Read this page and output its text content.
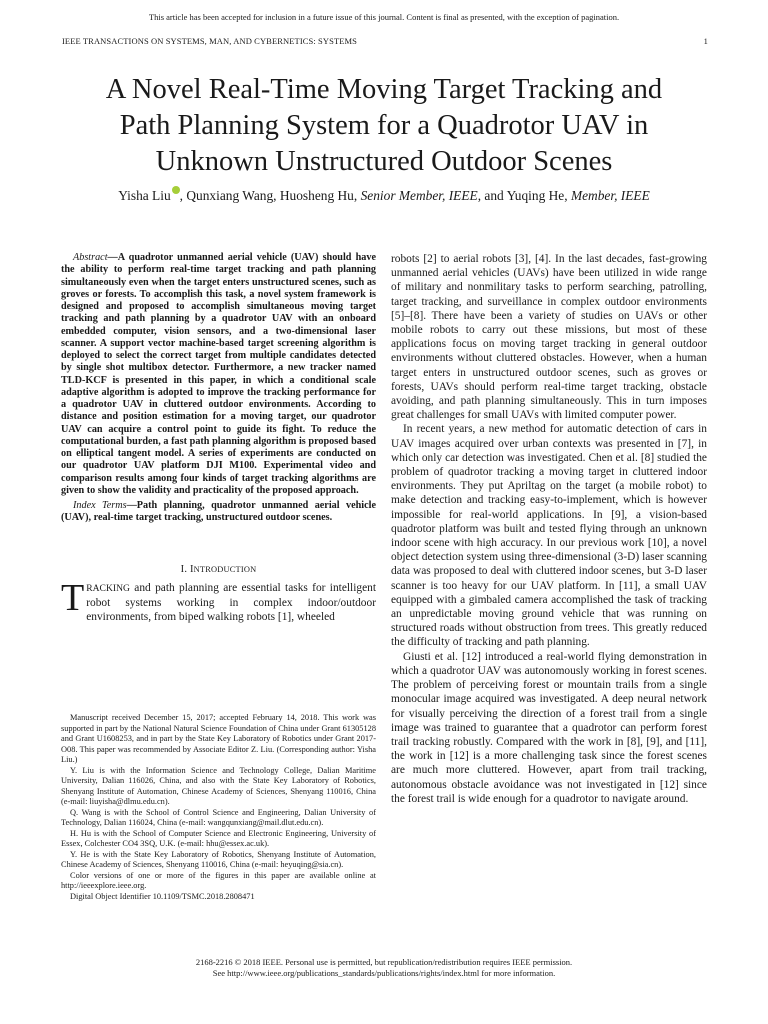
This article has been accepted for inclusion in a future issue of this journal. Content is final as presented, with the exception of pagination.
IEEE TRANSACTIONS ON SYSTEMS, MAN, AND CYBERNETICS: SYSTEMS	1
A Novel Real-Time Moving Target Tracking and
Path Planning System for a Quadrotor UAV in
Unknown Unstructured Outdoor Scenes
Yisha Liu , Qunxiang Wang, Huosheng Hu, Senior Member, IEEE, and Yuqing He, Member, IEEE

Abstract—A quadrotor unmanned aerial vehicle (UAV) should have the ability to perform real-time target tracking and path planning simultaneously even when the target enters unstructured scenes, such as groves or forests. To accomplish this task, a novel system framework is designed and proposed to accomplish simultaneous moving target tracking and path planning by a quadrotor UAV with an onboard embedded computer, vision sensors, and a two-dimensional laser scanner. A support vector machine-based target screening algorithm is deployed to select the correct target from multiple candidates detected by single shot multibox detector. Furthermore, a new tracker named TLD-KCF is presented in this paper, in which a conditional scale adaptive algorithm is adopted to improve the tracking performance for a quadrotor UAV in cluttered outdoor environments. According to distance and position estimation for a moving target, our quadrotor UAV can acquire a control point to guide its fight. To reduce the computational burden, a fast path planning algorithm is proposed based on elliptical tangent model. A series of experiments are conducted on our quadrotor UAV platform DJI M100. Experimental video and comparison results among four kinds of target tracking algorithms are given to show the validity and practicality of the proposed approach.

Index Terms—Path planning, quadrotor unmanned aerial vehicle (UAV), real-time target tracking, unstructured outdoor scenes.

I. INTRODUCTION

TRACKING and path planning are essential tasks for intelligent robot systems working in complex indoor/outdoor environments, from biped walking robots [1], wheeled

Manuscript received December 15, 2017; accepted February 14, 2018. This work was supported in part by the National Natural Science Foundation of China under Grant 61305128 and Grant U1608253, and in part by the State Key Laboratory of Robotics under Grant 2017-O08. This paper was recommended by Associate Editor Z. Liu. (Corresponding author: Yisha Liu.)

Y. Liu is with the Information Science and Technology College, Dalian Maritime University, Dalian 116026, China, and also with the State Key Laboratory of Robotics, Shenyang Institute of Automation, Chinese Academy of Sciences, Shenyang 110016, China (e-mail: liuyisha@dlmu.edu.cn).

Q. Wang is with the School of Control Science and Engineering, Dalian University of Technology, Dalian 116024, China (e-mail: wangqunxiang@mail.dlut.edu.cn).

H. Hu is with the School of Computer Science and Electronic Engineering, University of Essex, Colchester CO4 3SQ, U.K. (e-mail: hhu@essex.ac.uk).

Y. He is with the State Key Laboratory of Robotics, Shenyang Institute of Automation, Chinese Academy of Sciences, Shenyang 110016, China (e-mail: heyuqing@sia.cn).

Color versions of one or more of the figures in this paper are available online at http://ieeexplore.ieee.org.

Digital Object Identifier 10.1109/TSMC.2018.2808471

robots [2] to aerial robots [3], [4]. In the last decades, fast-growing unmanned aerial vehicles (UAVs) have been utilized in wide range of military and nonmilitary tasks to perform searching, patrolling, target tracking, and surveillance in complex outdoor environments [5]–[8]. There have been a variety of studies on UAVs or other mobile robots to carry out these missions, but most of these applications focus on moving target tracking in general outdoor environments without cluttered obstacles. However, when a human target enters in unstructured outdoor scenes, such as groves or forests, UAVs should perform real-time target tracking, obstacle avoiding, and path planning simultaneously. This in turn imposes great challenges for small UAVs with limited computer power.

In recent years, a new method for automatic detection of cars in UAV images acquired over urban contexts was presented in [7], in which only car detection was investigated. Chen et al. [8] studied the problem of quadrotor tracking a moving target in cluttered indoor environments. They put Apriltag on the target (a mobile robot) to make detection and tracking easy-to-implement, which is however impossible for real-world applications. In [9], a vision-based quadrotor platform was built and tested flying through an unknown indoor scene with high accuracy. In our previous work [10], a novel object detection system using three-dimensional (3-D) laser scanning data was proposed to deal with cluttered indoor scenes, but 3-D laser scanner is too heavy for our UAV platform. In [11], a small UAV equipped with a gimbaled camera accomplished the task of tracking an unpredictable moving ground vehicle that was running on structured roads without obstruction from trees. This greatly reduced the difficulty of tracking and path planning.

Giusti et al. [12] introduced a real-world flying demonstration in which a quadrotor UAV was autonomously working in forest scenes. The problem of perceiving forest or mountain trails from a single monocular image acquired was investigated. A deep neural network for visually perceiving the direction of a forest trail from a single image was trained to guarantee that a quadrotor can perform forest trail tracking robustly. Compared with the work in [8], [9], and [11], the work in [12] is a more challenging task since the forest scenes are much more cluttered. However, apart from trail tracking, autonomous obstacle avoidance was not investigated in [12] since the forest trail is wide enough for a quadrotor to navigate around.

2168-2216 © 2018 IEEE. Personal use is permitted, but republication/redistribution requires IEEE permission.
See http://www.ieee.org/publications_standards/publications/rights/index.html for more information.
